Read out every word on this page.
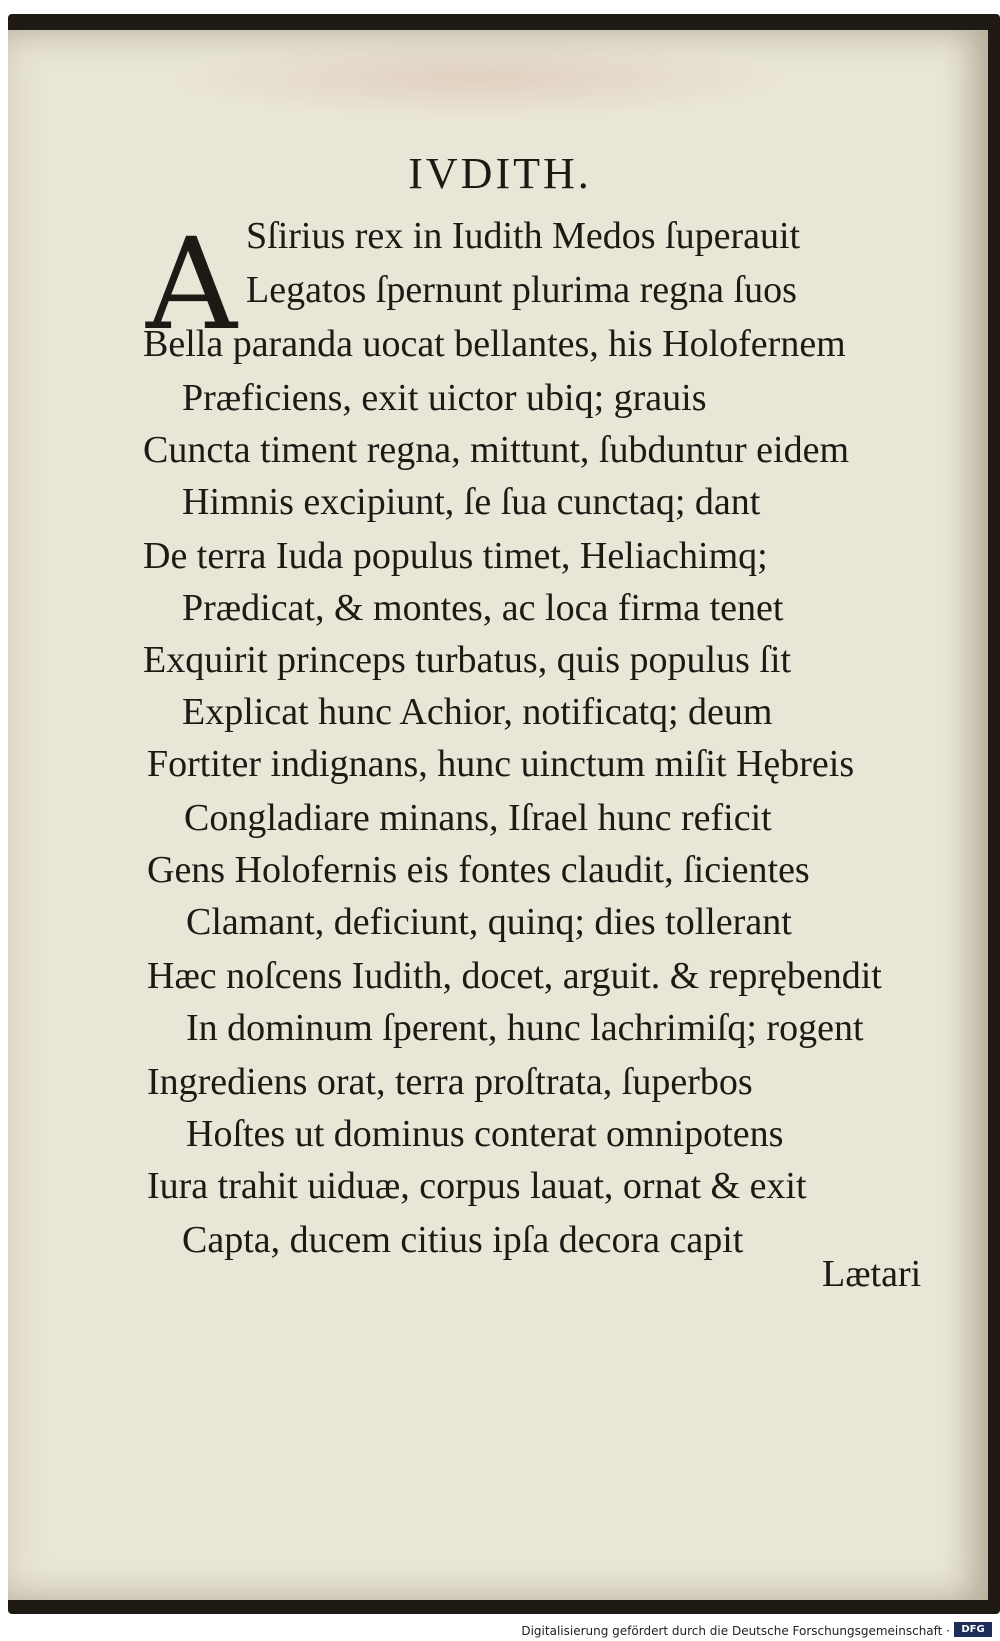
IVDITH.
A Sſirius rex in Iudith Medos ſuperauit
Legatos ſpernunt plurima regna ſuos
Bella paranda uocat bellantes, his Holofernem
Præficiens, exit uictor ubiq; grauis
Cuncta timent regna, mittunt, ſubduntur eidem
Himnis excipiunt, ſe ſua cunctaq; dant
De terra Iuda populus timet, Heliachimq;
Prædicat, & montes, ac loca firma tenet
Exquirit princeps turbatus, quis populus ſit
Explicat hunc Achior, notificatq; deum
Fortiter indignans, hunc uinctum miſit Hębreis
Congladiare minans, Iſrael hunc reficit
Gens Holofernis eis fontes claudit, ſicientes
Clamant, deficiunt, quinq; dies tollerant
Hæc noſcens Iudith, docet, arguit. & reprębendit
In dominum ſperent, hunc lachrimiſq; rogent
Ingrediens orat, terra proſtrata, ſuperbos
Hoſtes ut dominus conterat omnipotens
Iura trahit uiduæ, corpus lauat, ornat & exit
Capta, ducem citius ipſa decora capit
Lætari
Digitalisierung gefördert durch die Deutsche Forschungsgemeinschaft ·	DFG
